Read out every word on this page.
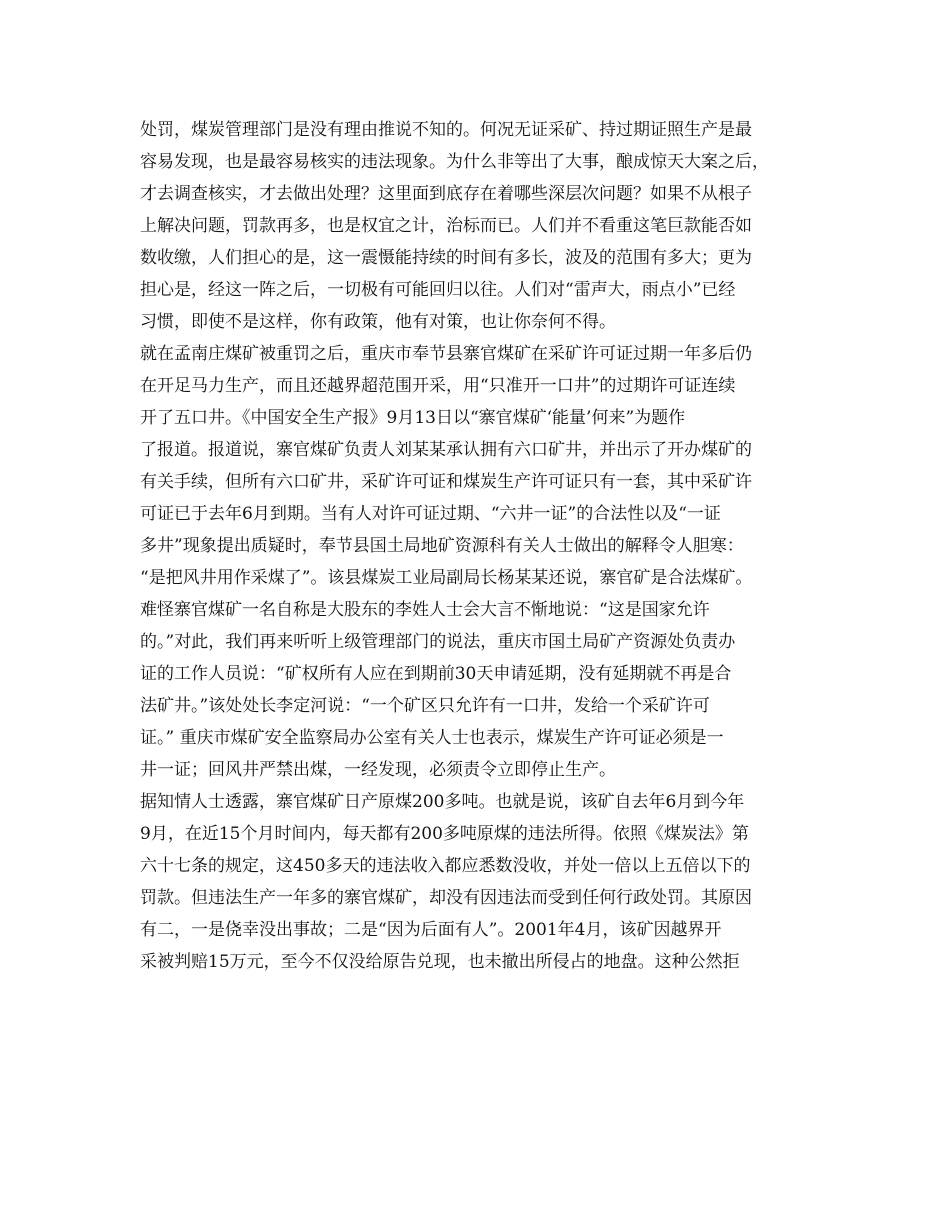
处罚，煤炭管理部门是没有理由推说不知的。何况无证采矿、持过期证照生产是最
容易发现，也是最容易核实的违法现象。为什么非等出了大事，酿成惊天大案之后，
才去调查核实，才去做出处理？这里面到底存在着哪些深层次问题？如果不从根子
上解决问题，罚款再多，也是权宜之计，治标而已。人们并不看重这笔巨款能否如
数收缴，人们担心的是，这一震慑能持续的时间有多长，波及的范围有多大；更为
担心是，经这一阵之后，一切极有可能回归以往。人们对“雷声大，雨点小”已经
习惯，即使不是这样，你有政策，他有对策，也让你奈何不得。
就在孟南庄煤矿被重罚之后，重庆市奉节县寨官煤矿在采矿许可证过期一年多后仍
在开足马力生产，而且还越界超范围开采，用“只准开一口井”的过期许可证连续
开了五口井。《中国安全生产报》9月13日以“寨官煤矿‘能量’何来”为题作
了报道。报道说，寨官煤矿负责人刘某某承认拥有六口矿井，并出示了开办煤矿的
有关手续，但所有六口矿井，采矿许可证和煤炭生产许可证只有一套，其中采矿许
可证已于去年6月到期。当有人对许可证过期、“六井一证”的合法性以及“一证
多井”现象提出质疑时，奉节县国土局地矿资源科有关人士做出的解释令人胆寒：
“是把风井用作采煤了”。该县煤炭工业局副局长杨某某还说，寨官矿是合法煤矿。
难怪寨官煤矿一名自称是大股东的李姓人士会大言不惭地说：“这是国家允许
的。”对此，我们再来听听上级管理部门的说法，重庆市国土局矿产资源处负责办
证的工作人员说：“矿权所有人应在到期前30天申请延期，没有延期就不再是合
法矿井。”该处处长李定河说：“一个矿区只允许有一口井，发给一个采矿许可
证。” 重庆市煤矿安全监察局办公室有关人士也表示，煤炭生产许可证必须是一
井一证；回风井严禁出煤，一经发现，必须责令立即停止生产。
据知情人士透露，寨官煤矿日产原煤200多吨。也就是说，该矿自去年6月到今年
9月，在近15个月时间内，每天都有200多吨原煤的违法所得。依照《煤炭法》第
六十七条的规定，这450多天的违法收入都应悉数没收，并处一倍以上五倍以下的
罚款。但违法生产一年多的寨官煤矿，却没有因违法而受到任何行政处罚。其原因
有二，一是侥幸没出事故；二是“因为后面有人”。2001年4月，该矿因越界开
采被判赔15万元，至今不仅没给原告兑现，也未撤出所侵占的地盘。这种公然拒
